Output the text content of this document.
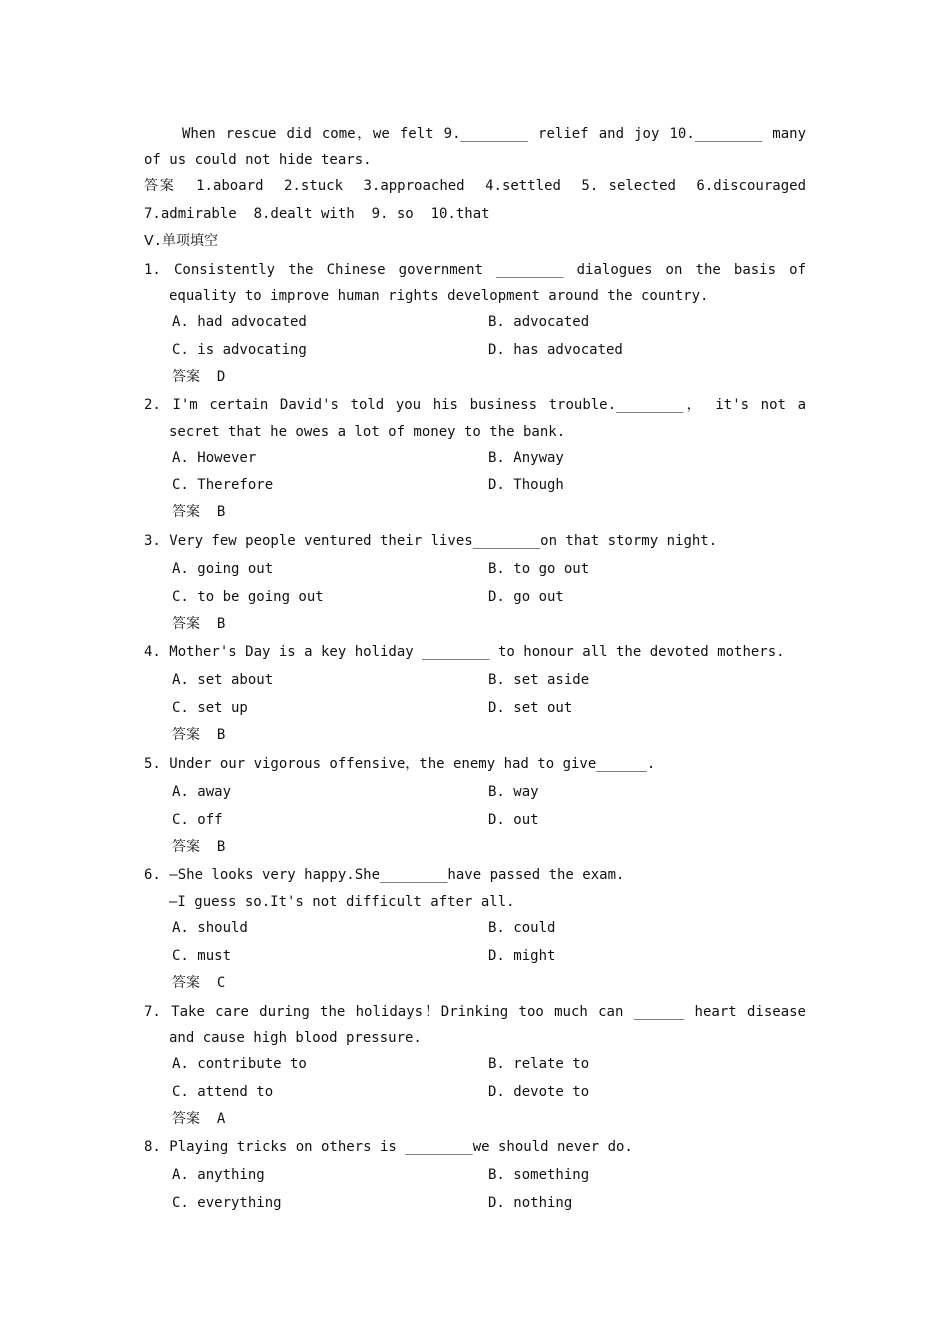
When rescue did come，we felt 9.________ relief and joy 10.________ many
of us could not hide tears.
答案  1.aboard  2.stuck  3.approached  4.settled  5. selected  6.discouraged
7.admirable  8.dealt with  9. so  10.that
Ⅴ.单项填空
1. Consistently the Chinese government ________ dialogues on the basis of
equality to improve human rights development around the country.
A. had advocated	B. advocated
C. is advocating	D. has advocated
答案  D
2. I'm certain David's told you his business trouble.________， it's not a
secret that he owes a lot of money to the bank.
A. However	B. Anyway
C. Therefore	D. Though
答案  B
3. Very few people ventured their lives________on that stormy night.
A. going out	B. to go out
C. to be going out	D. go out
答案  B
4. Mother's Day is a key holiday ________ to honour all the devoted mothers.
A. set about	B. set aside
C. set up	D. set out
答案  B
5. Under our vigorous offensive，the enemy had to give______.
A. away	B. way
C. off	D. out
答案  B
6. —She looks very happy.She________have passed the exam.
—I guess so.It's not difficult after all.
A. should	B. could
C. must	D. might
答案  C
7. Take care during the holidays！Drinking too much can ______ heart disease
and cause high blood pressure.
A. contribute to	B. relate to
C. attend to	D. devote to
答案  A
8. Playing tricks on others is ________we should never do.
A. anything	B. something
C. everything	D. nothing
